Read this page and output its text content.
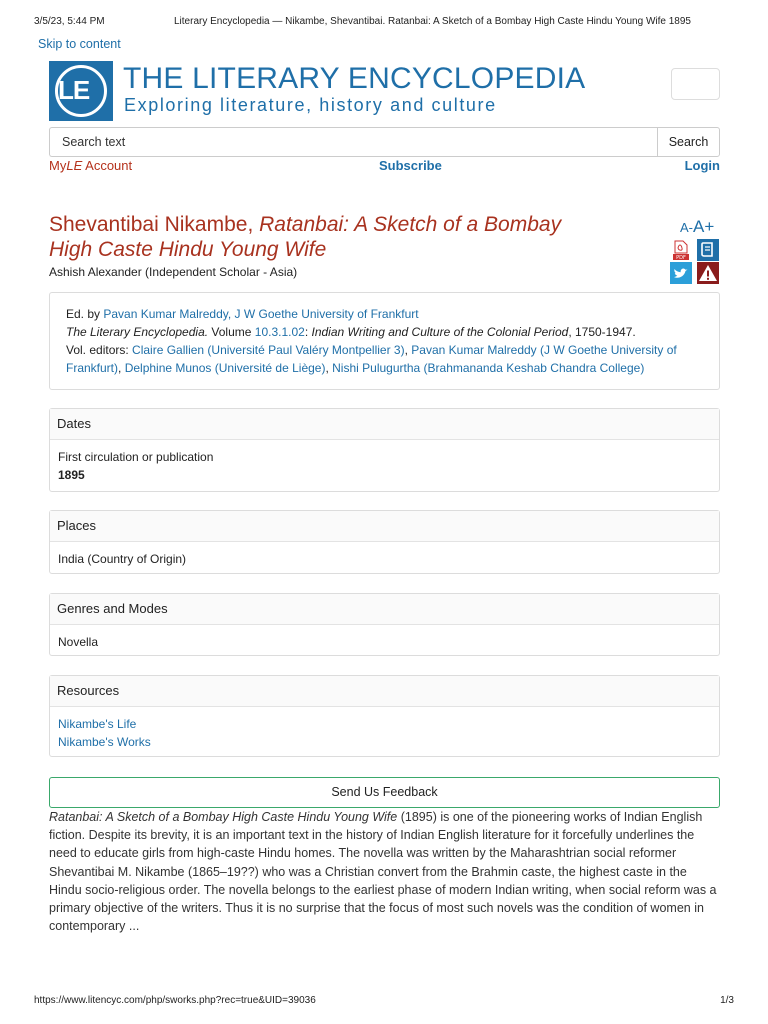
3/5/23, 5:44 PM	Literary Encyclopedia — Nikambe, Shevantibai. Ratanbai: A Sketch of a Bombay High Caste Hindu Young Wife 1895
Skip to content
LE THE LITERARY ENCYCLOPEDIA
Exploring literature, history and culture
Search text	Search
MyLE Account	Subscribe	Login
Shevantibai Nikambe, Ratanbai: A Sketch of a Bombay High Caste Hindu Young Wife
Ashish Alexander (Independent Scholar - Asia)
A-A+
PDF
Ed. by Pavan Kumar Malreddy, J W Goethe University of Frankfurt
The Literary Encyclopedia. Volume 10.3.1.02: Indian Writing and Culture of the Colonial Period, 1750-1947.
Vol. editors: Claire Gallien (Université Paul Valéry Montpellier 3), Pavan Kumar Malreddy (J W Goethe University of Frankfurt), Delphine Munos (Université de Liège), Nishi Pulugurtha (Brahmananda Keshab Chandra College)
Dates
First circulation or publication
1895
Places
India (Country of Origin)
Genres and Modes
Novella
Resources
Nikambe's Life
Nikambe's Works
Send Us Feedback
Ratanbai: A Sketch of a Bombay High Caste Hindu Young Wife (1895) is one of the pioneering works of Indian English fiction. Despite its brevity, it is an important text in the history of Indian English literature for it forcefully underlines the need to educate girls from high-caste Hindu homes. The novella was written by the Maharashtrian social reformer Shevantibai M. Nikambe (1865–19??) who was a Christian convert from the Brahmin caste, the highest caste in the Hindu socio-religious order. The novella belongs to the earliest phase of modern Indian writing, when social reform was a primary objective of the writers. Thus it is no surprise that the focus of most such novels was the condition of women in contemporary ...
https://www.litencyc.com/php/sworks.php?rec=true&UID=39036	1/3
